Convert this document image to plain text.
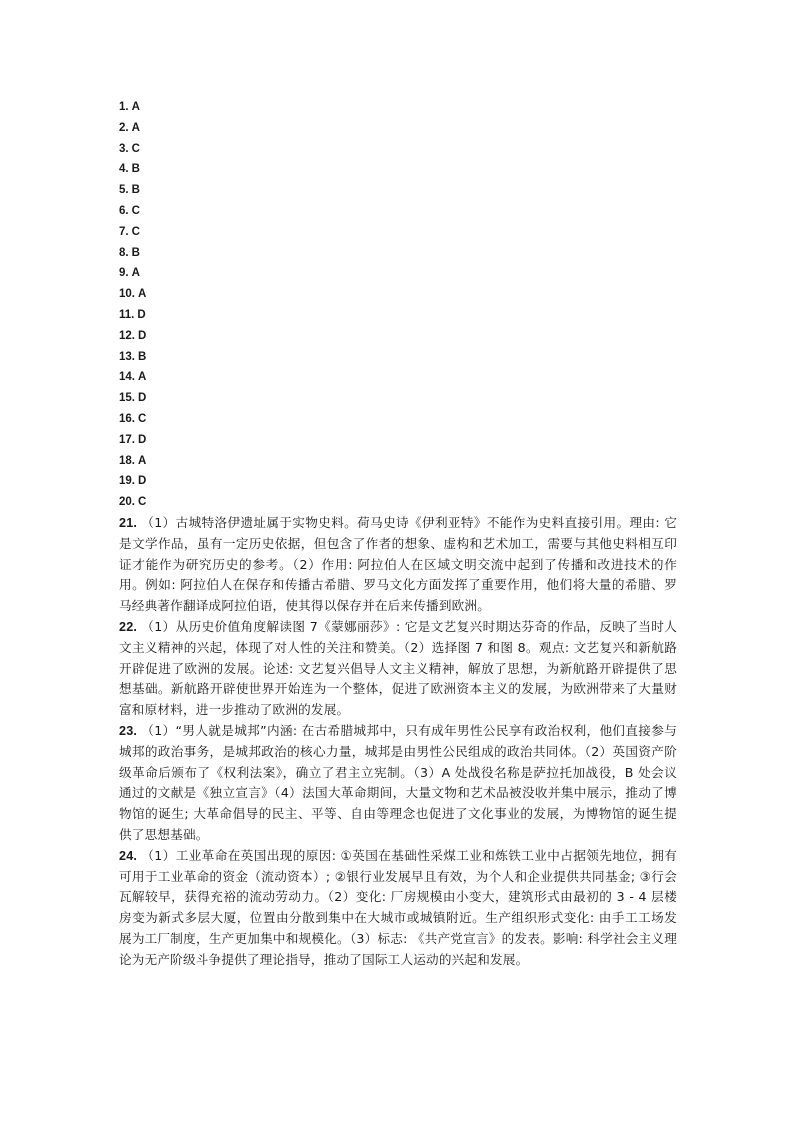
1. A
2. A
3. C
4. B
5. B
6. C
7. C
8. B
9. A
10. A
11. D
12. D
13. B
14. A
15. D
16. C
17. D
18. A
19. D
20. C

21. （1）古城特洛伊遗址属于实物史料。荷马史诗《伊利亚特》不能作为史料直接引用。理由: 它是文学作品，虽有一定历史依据，但包含了作者的想象、虚构和艺术加工，需要与其他史料相互印证才能作为研究历史的参考。（2）作用: 阿拉伯人在区域文明交流中起到了传播和改进技术的作用。例如: 阿拉伯人在保存和传播古希腊、罗马文化方面发挥了重要作用，他们将大量的希腊、罗马经典著作翻译成阿拉伯语，使其得以保存并在后来传播到欧洲。

22. （1）从历史价值角度解读图 7《蒙娜丽莎》: 它是文艺复兴时期达芬奇的作品，反映了当时人文主义精神的兴起，体现了对人性的关注和赞美。（2）选择图 7 和图 8。观点: 文艺复兴和新航路开辟促进了欧洲的发展。论述: 文艺复兴倡导人文主义精神，解放了思想，为新航路开辟提供了思想基础。新航路开辟使世界开始连为一个整体，促进了欧洲资本主义的发展，为欧洲带来了大量财富和原材料，进一步推动了欧洲的发展。

23. （1）“男人就是城邦”内涵: 在古希腊城邦中，只有成年男性公民享有政治权利，他们直接参与城邦的政治事务，是城邦政治的核心力量，城邦是由男性公民组成的政治共同体。（2）英国资产阶级革命后颁布了《权利法案》，确立了君主立宪制。（3）A 处战役名称是萨拉托加战役，B 处会议通过的文献是《独立宣言》（4）法国大革命期间，大量文物和艺术品被没收并集中展示，推动了博物馆的诞生; 大革命倡导的民主、平等、自由等理念也促进了文化事业的发展，为博物馆的诞生提供了思想基础。

24. （1）工业革命在英国出现的原因: ①英国在基础性采煤工业和炼铁工业中占据领先地位，拥有可用于工业革命的资金（流动资本）; ②银行业发展早且有效，为个人和企业提供共同基金; ③行会瓦解较早，获得充裕的流动劳动力。（2）变化: 厂房规模由小变大，建筑形式由最初的 3 - 4 层楼房变为新式多层大厦，位置由分散到集中在大城市或城镇附近。生产组织形式变化: 由手工工场发展为工厂制度，生产更加集中和规模化。（3）标志: 《共产党宣言》的发表。影响: 科学社会主义理论为无产阶级斗争提供了理论指导，推动了国际工人运动的兴起和发展。
